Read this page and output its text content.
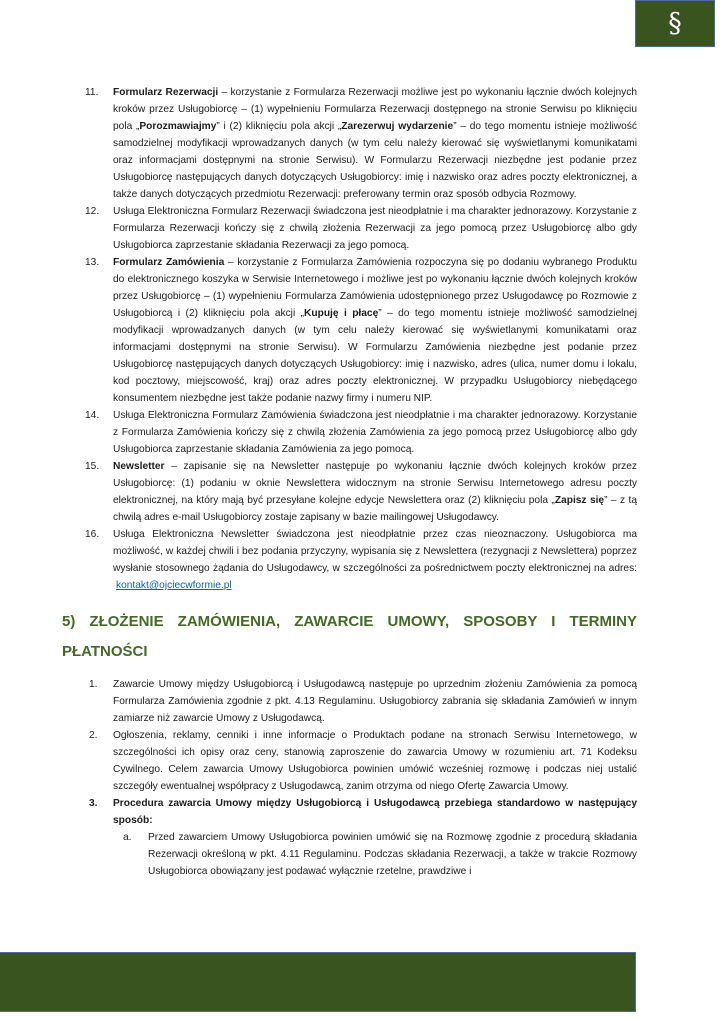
§
11. Formularz Rezerwacji – korzystanie z Formularza Rezerwacji możliwe jest po wykonaniu łącznie dwóch kolejnych kroków przez Usługobiorcę – (1) wypełnieniu Formularza Rezerwacji dostępnego na stronie Serwisu po kliknięciu pola „Porozmawiajmy” i (2) kliknięciu pola akcji „Zarezerwuj wydarzenie” – do tego momentu istnieje możliwość samodzielnej modyfikacji wprowadzanych danych (w tym celu należy kierować się wyświetlanymi komunikatami oraz informacjami dostępnymi na stronie Serwisu). W Formularzu Rezerwacji niezbędne jest podanie przez Usługobiorcę następujących danych dotyczących Usługobiorcy: imię i nazwisko oraz adres poczty elektronicznej, a także danych dotyczących przedmiotu Rezerwacji: preferowany termin oraz sposób odbycia Rozmowy.
12. Usługa Elektroniczna Formularz Rezerwacji świadczona jest nieodpłatnie i ma charakter jednorazowy. Korzystanie z Formularza Rezerwacji kończy się z chwilą złożenia Rezerwacji za jego pomocą przez Usługobiorcę albo gdy Usługobiorca zaprzestanie składania Rezerwacji za jego pomocą.
13. Formularz Zamówienia – korzystanie z Formularza Zamówienia rozpoczyna się po dodaniu wybranego Produktu do elektronicznego koszyka w Serwisie Internetowego i możliwe jest po wykonaniu łącznie dwóch kolejnych kroków przez Usługobiorcę – (1) wypełnieniu Formularza Zamówienia udostępnionego przez Usługodawcę po Rozmowie z Usługobiorcą i (2) kliknięciu pola akcji „Kupuję i płacę” – do tego momentu istnieje możliwość samodzielnej modyfikacji wprowadzanych danych (w tym celu należy kierować się wyświetlanymi komunikatami oraz informacjami dostępnymi na stronie Serwisu). W Formularzu Zamówienia niezbędne jest podanie przez Usługobiorcę następujących danych dotyczących Usługobiorcy: imię i nazwisko, adres (ulica, numer domu i lokalu, kod pocztowy, miejscowość, kraj) oraz adres poczty elektronicznej. W przypadku Usługobiorcy niebędącego konsumentem niezbędne jest także podanie nazwy firmy i numeru NIP.
14. Usługa Elektroniczna Formularz Zamówienia świadczona jest nieodpłatnie i ma charakter jednorazowy. Korzystanie z Formularza Zamówienia kończy się z chwilą złożenia Zamówienia za jego pomocą przez Usługobiorcę albo gdy Usługobiorca zaprzestanie składania Zamówienia za jego pomocą.
15. Newsletter – zapisanie się na Newsletter następuje po wykonaniu łącznie dwóch kolejnych kroków przez Usługobiorcę: (1) podaniu w oknie Newslettera widocznym na stronie Serwisu Internetowego adresu poczty elektronicznej, na który mają być przesyłane kolejne edycje Newslettera oraz (2) kliknięciu pola „Zapisz się” – z tą chwilą adres e-mail Usługobiorcy zostaje zapisany w bazie mailingowej Usługodawcy.
16. Usługa Elektroniczna Newsletter świadczona jest nieodpłatnie przez czas nieoznaczony. Usługobiorca ma możliwość, w każdej chwili i bez podania przyczyny, wypisania się z Newslettera (rezygnacji z Newslettera) poprzez wysłanie stosownego żądania do Usługodawcy, w szczególności za pośrednictwem poczty elektronicznej na adres: kontakt@ojciecwformie.pl
5) ZŁOŻENIE ZAMÓWIENIA, ZAWARCIE UMOWY, SPOSOBY I TERMINY PŁATNOŚCI
1. Zawarcie Umowy między Usługobiorcą i Usługodawcą następuje po uprzednim złożeniu Zamówienia za pomocą Formularza Zamówienia zgodnie z pkt. 4.13 Regulaminu. Usługobiorcy zabrania się składania Zamówień w innym zamiarze niż zawarcie Umowy z Usługodawcą.
2. Ogłoszenia, reklamy, cenniki i inne informacje o Produktach podane na stronach Serwisu Internetowego, w szczególności ich opisy oraz ceny, stanowią zaproszenie do zawarcia Umowy w rozumieniu art. 71 Kodeksu Cywilnego. Celem zawarcia Umowy Usługobiorca powinien umówić wcześniej rozmowę i podczas niej ustalić szczegóły ewentualnej współpracy z Usługodawcą, zanim otrzyma od niego Ofertę Zawarcia Umowy.
3. Procedura zawarcia Umowy między Usługobiorcą i Usługodawcą przebiega standardowo w następujący sposób:
a. Przed zawarciem Umowy Usługobiorca powinien umówić się na Rozmowę zgodnie z procedurą składania Rezerwacji określoną w pkt. 4.11 Regulaminu. Podczas składania Rezerwacji, a także w trakcie Rozmowy Usługobiorca obowiązany jest podawać wyłącznie rzetelne, prawdziwe i
